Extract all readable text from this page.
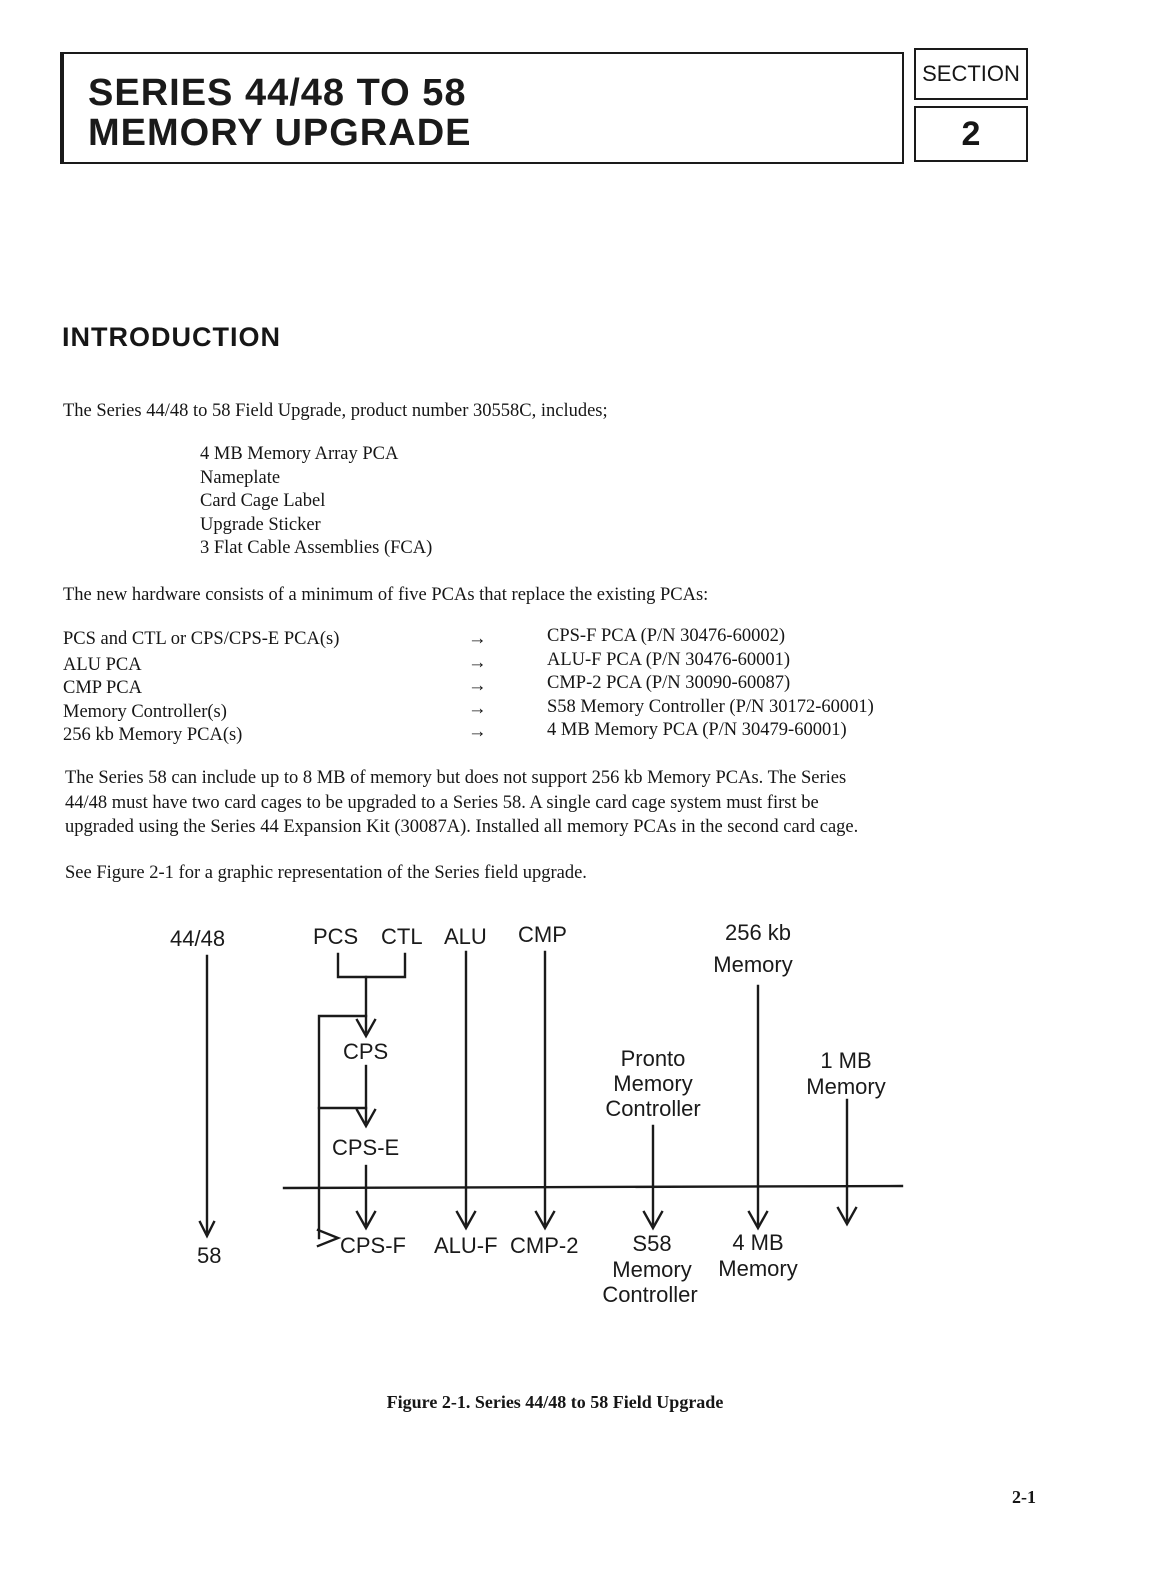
SERIES 44/48 TO 58
MEMORY UPGRADE
SECTION
2
INTRODUCTION
The Series 44/48 to 58 Field Upgrade, product number 30558C, includes;
4 MB Memory Array PCA
Nameplate
Card Cage Label
Upgrade Sticker
3 Flat Cable Assemblies (FCA)
The new hardware consists of a minimum of five PCAs that replace the existing PCAs:
PCS and CTL or CPS/CPS-E PCA(s)	→	CPS-F PCA (P/N 30476-60002)
ALU PCA	→	ALU-F PCA (P/N 30476-60001)
CMP PCA	→	CMP-2 PCA (P/N 30090-60087)
Memory Controller(s)	→	S58 Memory Controller (P/N 30172-60001)
256 kb Memory PCA(s)	→	4 MB Memory PCA (P/N 30479-60001)
The Series 58 can include up to 8 MB of memory but does not support 256 kb Memory PCAs. The Series
44/48 must have two card cages to be upgraded to a Series 58. A single card cage system must first be
upgraded using the Series 44 Expansion Kit (30087A). Installed all memory PCAs in the second card cage.
See Figure 2-1 for a graphic representation of the Series field upgrade.
44/48	PCS CTL ALU CMP	256 kb
Memory
CPS
CPS-E
Pronto
Memory
Controller
1 MB
Memory
58	CPS-F ALU-F CMP-2	S58
Memory
Controller
4 MB
Memory
Figure 2-1. Series 44/48 to 58 Field Upgrade
2-1
